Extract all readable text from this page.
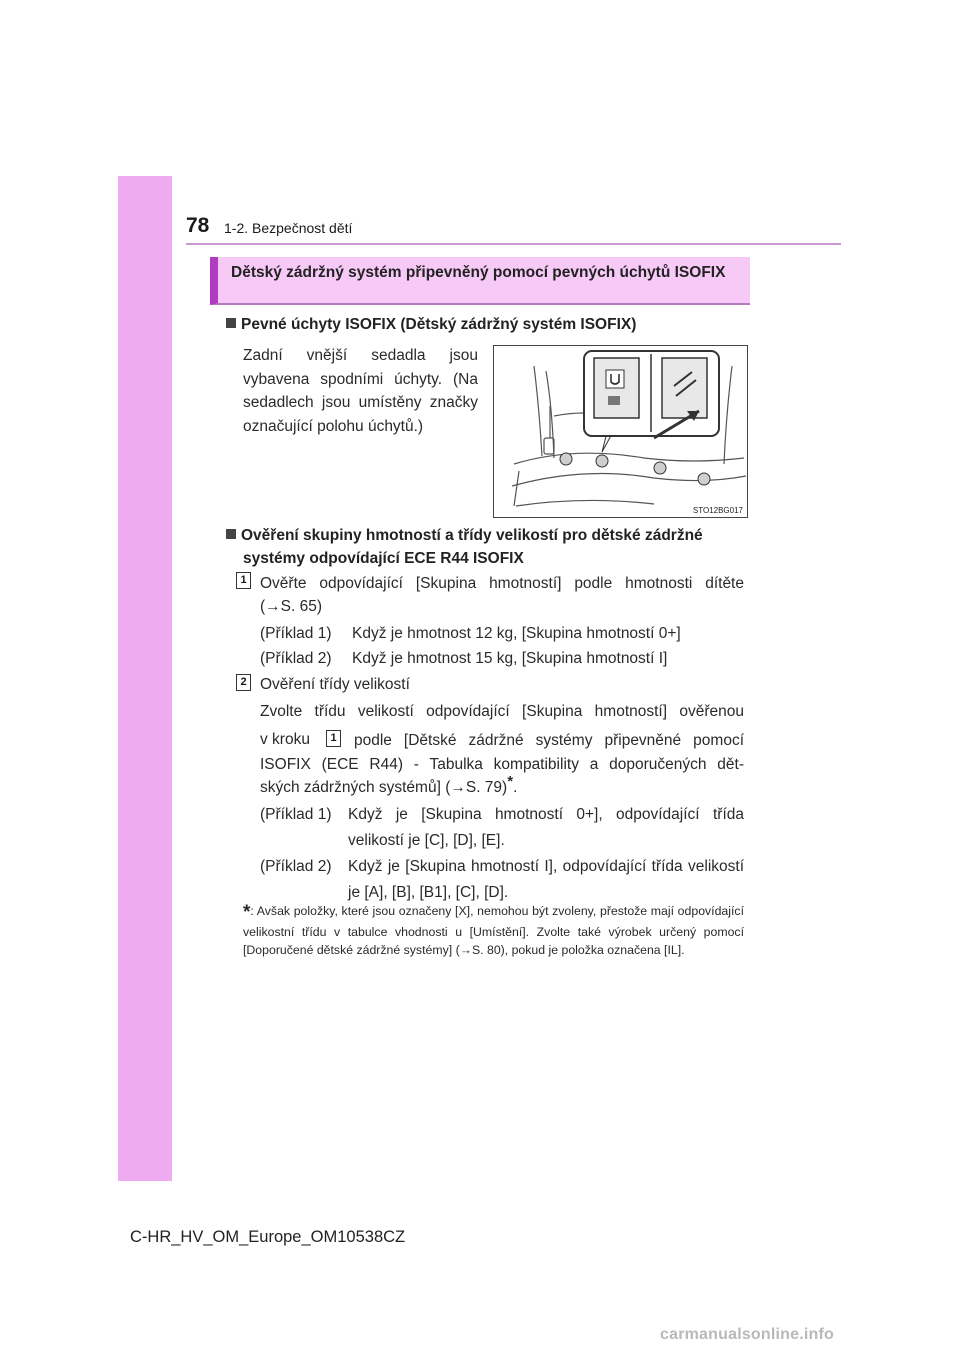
78 1-2. Bezpečnost dětí
Dětský zádržný systém připevněný pomocí pevných úchytů ISOFIX
Pevné úchyty ISOFIX (Dětský zádržný systém ISOFIX)
Zadní vnější sedadla jsou vybavena spodními úchyty. (Na sedadlech jsou umístěny značky označující polohu úchytů.)
STO12BG017
Ověření skupiny hmotností a třídy velikostí pro dětské zádržné
systémy odpovídající ECE R44 ISOFIX
1 Ověřte odpovídající [Skupina hmotností] podle hmotnosti dítěte
(→S. 65)
(Příklad 1) Když je hmotnost 12 kg, [Skupina hmotností 0+]
(Příklad 2) Když je hmotnost 15 kg, [Skupina hmotností I]
2 Ověření třídy velikostí
Zvolte třídu velikostí odpovídající [Skupina hmotností] ověřenou
v kroku	1 podle [Dětské zádržné systémy připevněné pomocí
ISOFIX (ECE R44) - Tabulka kompatibility a doporučených dět-
ských zádržných systémů] (→S. 79)*.
(Příklad 1) Když je [Skupina hmotností 0+], odpovídající třída velikostí je [C], [D], [E].
(Příklad 2) Když je [Skupina hmotností I], odpovídající třída velikostí je [A], [B], [B1], [C], [D].
*: Avšak položky, které jsou označeny [X], nemohou být zvoleny, přestože mají odpovídající velikostní třídu v tabulce vhodnosti u [Umístění]. Zvolte také výrobek určený pomocí [Doporučené dětské zádržné systémy] (→S. 80), pokud je položka označena [IL].
C-HR_HV_OM_Europe_OM10538CZ
carmanualsonline.info
